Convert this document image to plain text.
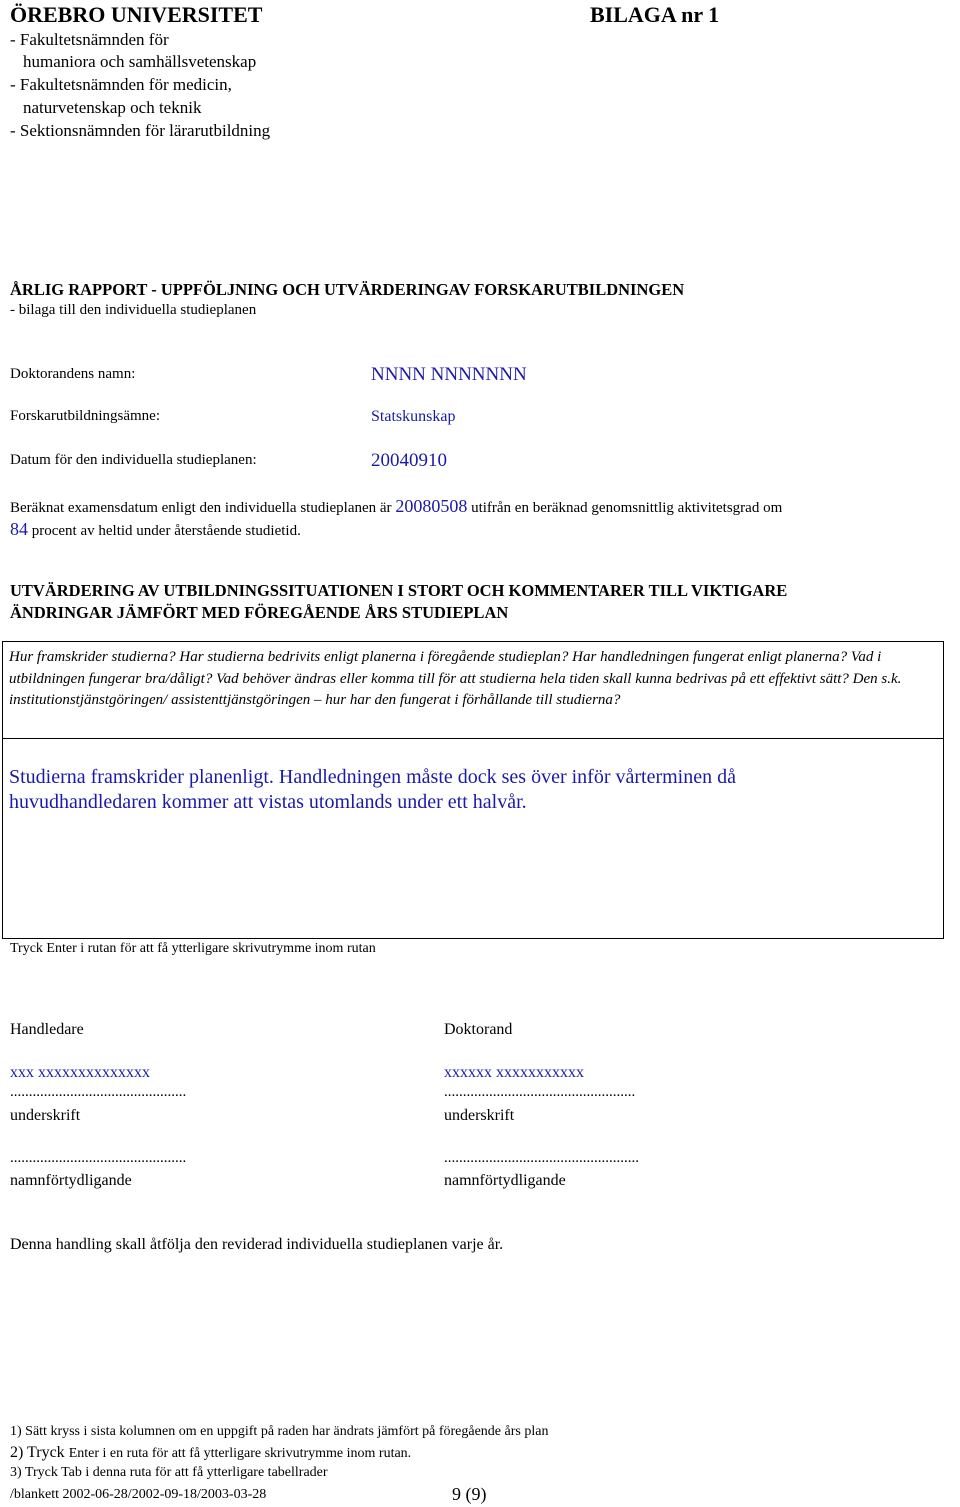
ÖREBRO UNIVERSITET	BILAGA nr 1
- Fakultetsnämnden för
humaniora och samhällsvetenskap
- Fakultetsnämnden för medicin,
naturvetenskap och teknik
- Sektionsnämnden för lärarutbildning
ÅRLIG RAPPORT - UPPFÖLJNING OCH UTVÄRDERINGAV FORSKARUTBILDNINGEN
- bilaga till den individuella studieplanen
Doktorandens namn:	NNNN NNNNNNN
Forskarutbildningsämne:	Statskunskap
Datum för den individuella studieplanen:	20040910
Beräknat examensdatum enligt den individuella studieplanen är 20080508 utifrån en beräknad genomsnittlig aktivitetsgrad om
84 procent av heltid under återstående studietid.
UTVÄRDERING AV UTBILDNINGSSITUATIONEN I STORT OCH KOMMENTARER TILL VIKTIGARE
ÄNDRINGAR JÄMFÖRT MED FÖREGÅENDE ÅRS STUDIEPLAN
Hur framskrider studierna? Har studierna bedrivits enligt planerna i föregående studieplan? Har handledningen fungerat enligt planerna? Vad i utbildningen fungerar bra/dåligt? Vad behöver ändras eller komma till för att studierna hela tiden skall kunna bedrivas på ett effektivt sätt? Den s.k. institutionstjänstgöringen/ assistenttjänstgöringen – hur har den fungerat i förhållande till studierna?
Studierna framskrider planenligt. Handledningen måste dock ses över inför vårterminen då
huvudhandledaren kommer att vistas utomlands under ett halvår.
Tryck Enter i rutan för att få ytterligare skrivutrymme inom rutan
Handledare
xxx xxxxxxxxxxxxxx
...............................................
underskrift
...............................................
namnförtydligande
Doktorand
xxxxxx xxxxxxxxxxx
...................................................
underskrift
....................................................
namnförtydligande
Denna handling skall åtfölja den reviderad individuella studieplanen varje år.
1) Sätt kryss i sista kolumnen om en uppgift på raden har ändrats jämfört på föregående års plan
2) Tryck Enter i en ruta för att få ytterligare skrivutrymme inom rutan.
3) Tryck Tab i denna ruta för att få ytterligare tabellrader
/blankett 2002-06-28/2002-09-18/2003-03-28	9 (9)
